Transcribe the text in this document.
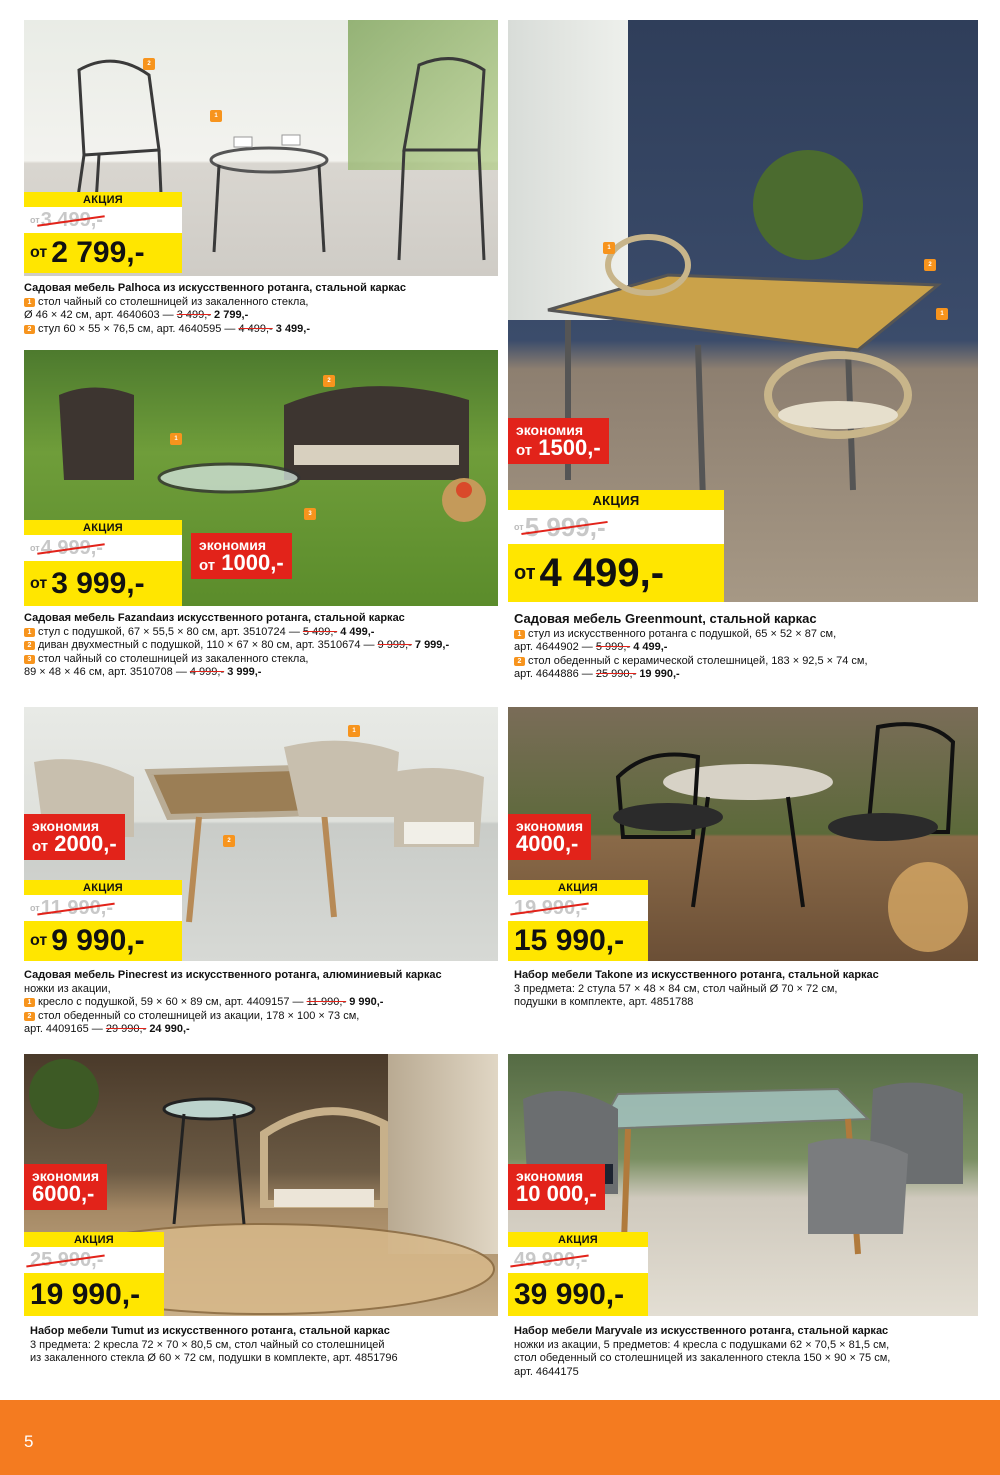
1
2
АКЦИЯ
от 3 499,-
от 2 799,-
Садовая мебель Palhoca из искусственного ротанга, стальной каркас
1 стол чайный со столешницей из закаленного стекла,
Ø 46 × 42 см, арт. 4640603 — 3 499,- 2 799,-
2 стул 60 × 55 × 76,5 см, арт. 4640595 — 4 499,- 3 499,-
1
2
3
экономия
от 1000,-
АКЦИЯ
от 4 999,-
от 3 999,-
Садовая мебель Fazandaиз искусственного ротанга, стальной каркас
1 стул с подушкой, 67 × 55,5 × 80 см, арт. 3510724 — 5 499,- 4 499,-
2 диван двухместный с подушкой, 110 × 67 × 80 см, арт. 3510674 — 9 999,- 7 999,-
3 стол чайный со столешницей из закаленного стекла,
89 × 48 × 46 см, арт. 3510708 — 4 999,- 3 999,-
1
1
2
экономия
от 1500,-
АКЦИЯ
от 5 999,-
от 4 499,-
Садовая мебель Greenmount, стальной каркас
1 стул из искусственного ротанга с подушкой, 65 × 52 × 87 см,
арт. 4644902 — 5 999,- 4 499,-
2 стол обеденный с керамической столешницей, 183 × 92,5 × 74 см,
арт. 4644886 — 25 990,- 19 990,-
1
2
экономия
от 2000,-
АКЦИЯ
от 11 990,-
от 9 990,-
Садовая мебель Pinecrest из искусственного ротанга, алюминиевый каркас
ножки из акации,
1 кресло с подушкой, 59 × 60 × 89 см, арт. 4409157 — 11 990,- 9 990,-
2 стол обеденный со столешницей из акации, 178 × 100 × 73 см,
арт. 4409165 — 29 990,- 24 990,-
экономия
4000,-
АКЦИЯ
19 990,-
15 990,-
Набор мебели Takone из искусственного ротанга, стальной каркас
3 предмета: 2 стула 57 × 48 × 84 см, стол чайный Ø 70 × 72 см,
подушки в комплекте, арт. 4851788
экономия
6000,-
АКЦИЯ
25 990,-
19 990,-
Набор мебели Tumut из искусственного ротанга, стальной каркас
3 предмета: 2 кресла 72 × 70 × 80,5 см, стол чайный со столешницей
из закаленного стекла Ø 60 × 72 см, подушки в комплекте, арт. 4851796
экономия
10 000,-
АКЦИЯ
49 990,-
39 990,-
Набор мебели Maryvale из искусственного ротанга, стальной каркас
ножки из акации, 5 предметов: 4 кресла с подушками 62 × 70,5 × 81,5 см,
стол обеденный со столешницей из закаленного стекла 150 × 90 × 75 см,
арт. 4644175
5
